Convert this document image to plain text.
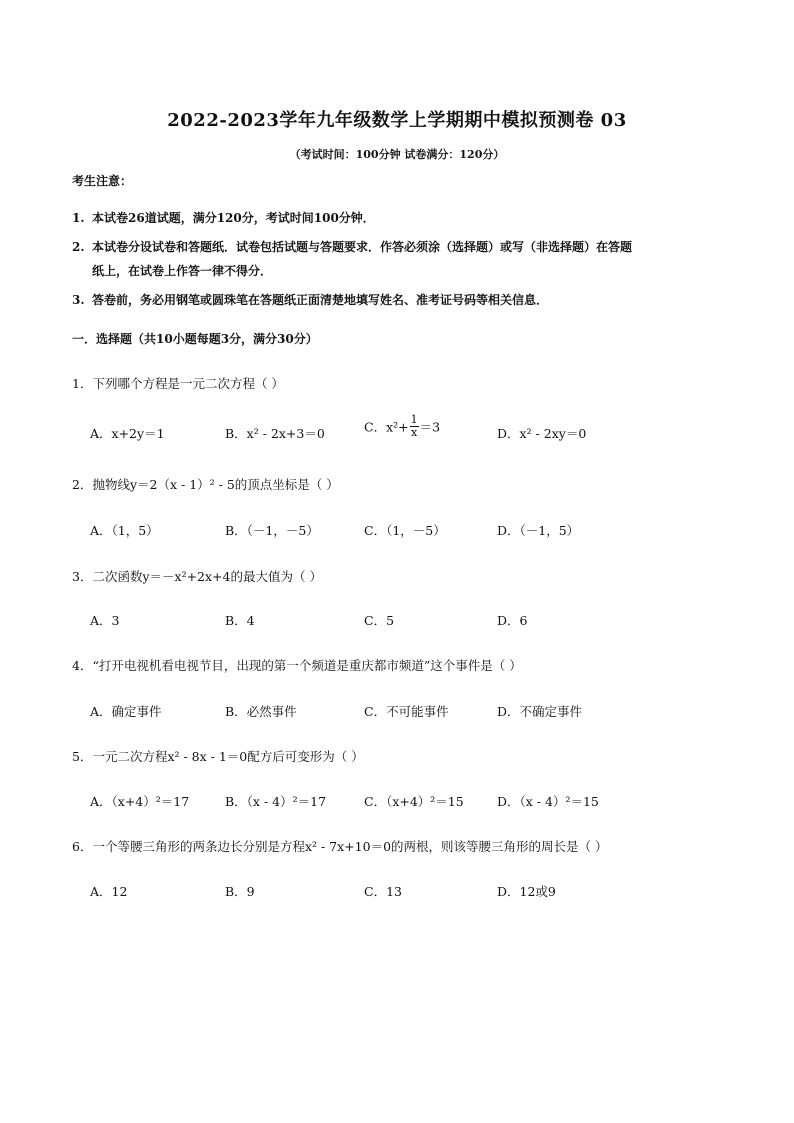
2022-2023学年九年级数学上学期期中模拟预测卷 03
（考试时间：100分钟 试卷满分：120分）
考生注意：
1. 本试卷26道试题，满分120分，考试时间100分钟．
2. 本试卷分设试卷和答题纸．试卷包括试题与答题要求．作答必须涂（选择题）或写（非选择题）在答题
纸上，在试卷上作答一律不得分．
3. 答卷前，务必用钢笔或圆珠笔在答题纸正面清楚地填写姓名、准考证号码等相关信息．
一．选择题（共10小题每题3分，满分30分）
1．下列哪个方程是一元二次方程（ ）
A．x+2y＝1	B．x² - 2x+3＝0	C．$x^2+ \frac{1}{x} =3$	D．x² - 2xy＝0
2．抛物线y＝2（x - 1）² - 5的顶点坐标是（ ）
A．（1，5）	B．（－1，－5）	C．（1，－5）	D．（－1，5）
3．二次函数y＝－x²+2x+4的最大值为（ ）
A．3	B．4	C．5	D．6
4．“打开电视机看电视节目，出现的第一个频道是重庆都市频道”这个事件是（ ）
A．确定事件	B．必然事件	C．不可能事件	D．不确定事件
5．一元二次方程x² - 8x - 1＝0配方后可变形为（ ）
A．（x+4）²＝17	B．（x - 4）²＝17	C．（x+4）²＝15	D．（x - 4）²＝15
6．一个等腰三角形的两条边长分别是方程x² - 7x+10＝0的两根，则该等腰三角形的周长是（ ）
A．12	B．9	C．13	D．12或9
